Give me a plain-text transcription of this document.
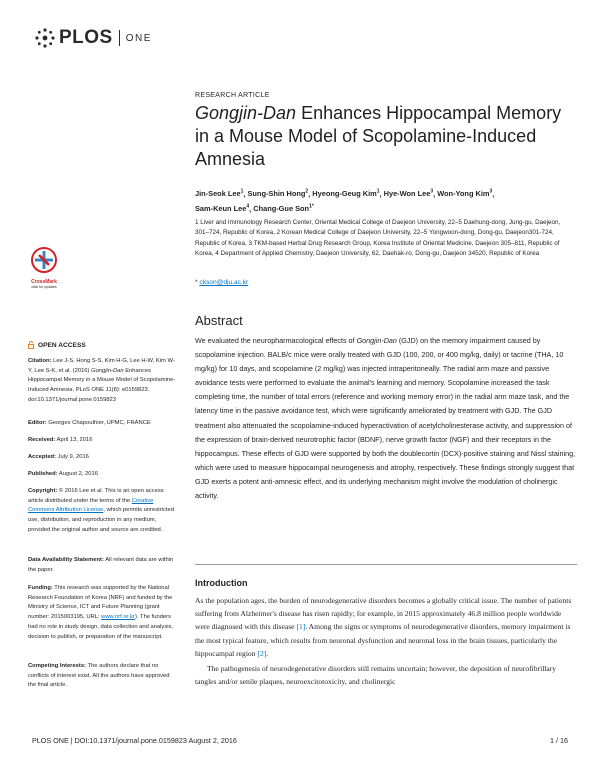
PLOS ONE
RESEARCH ARTICLE
Gongjin-Dan Enhances Hippocampal Memory in a Mouse Model of Scopolamine-Induced Amnesia
Jin-Seok Lee$^1$, Sung-Shin Hong$^2$, Hyeong-Geug Kim$^1$, Hye-Won Lee$^3$, Won-Yong Kim$^3$,
Sam-Keun Lee$^4$, Chang-Gue Son$^{1*}$
1 Liver and Immunology Research Center, Oriental Medical College of Daejeon University, 22–5 Daehung-dong, Jung-gu, Daejeon, 301–724, Republic of Korea, 2 Korean Medical College of Daejeon University, 22–5 Yongwoon-dong, Dong-gu, Daejeon301-724, Republic of Korea, 3 TKM-based Herbal Drug Research Group, Korea Institute of Oriental Medicine, Daejeon 305–811, Republic of Korea, 4 Department of Applied Chemistry, Daejeon University, 62, Daehak-ro, Dong-gu, Daejeon 34520, Republic of Korea
* ckson@dju.ac.kr
Abstract
We evaluated the neuropharmacological effects of Gongjin-Dan (GJD) on the memory impairment caused by scopolamine injection. BALB/c mice were orally treated with GJD (100, 200, or 400 mg/kg, daily) or tacrine (THA, 10 mg/kg) for 10 days, and scopolamine (2 mg/kg) was injected intraperitoneally. The radial arm maze and passive avoidance tests were performed to evaluate the animal's learning and memory. Scopolamine increased the task completing time, the number of total errors (reference and working memory error) in the radial arm maze task, and the latency time in the passive avoidance test, which were significantly ameliorated by treatment with GJD. The GJD treatment also attenuated the scopolamine-induced hyperactivation of acetylcholinesterase activity, and suppression of the expression of brain-derived neurotrophic factor (BDNF), nerve growth factor (NGF) and their receptors in the hippocampus. These effects of GJD were supported by both the doublecortin (DCX)-positive staining and Nissl staining, which were used to measure hippocampal neurogenesis and atrophy, respectively. These findings strongly suggest that GJD exerts a potent anti-amnesic effect, and its underlying mechanism might involve the modulation of cholinergic activity.
Introduction

As the population ages, the burden of neurodegenerative disorders becomes a globally critical issue. The number of patients suffering from Alzheimer's disease has risen rapidly; for example, in 2015 approximately 46.8 million people worldwide were diagnosed with this disease [1]. Among the signs or symptoms of neurodegenerative disorders, memory impairment is the most typical feature, which results from neuronal dysfunction and neuronal loss in the brain tissues, particularly the hippocampal region [2].

The pathogenesis of neurodegenerative disorders still remains uncertain; however, the deposition of neurofibrillary tangles and/or senile plaques, neuroexcitotoxicity, and cholinergic

CrossMark
click for updates
OPEN ACCESS
Citation: Lee J-S, Hong S-S, Kim H-G, Lee H-W, Kim W-Y, Lee S-K, et al. (2016) Gongjin-Dan Enhances Hippocampal Memory in a Mouse Model of Scopolamine-Induced Amnesia. PLoS ONE 11(8): e0159823. doi:10.1371/journal.pone.0159823
Editor: Georges Chapouthier, UPMC, FRANCE
Received: April 13, 2016
Accepted: July 9, 2016
Published: August 2, 2016
Copyright: © 2016 Lee et al. This is an open access article distributed under the terms of the Creative Commons Attribution License, which permits unrestricted use, distribution, and reproduction in any medium, provided the original author and source are credited.
Data Availability Statement: All relevant data are within the paper.
Funding: This research was supported by the National Research Foundation of Korea (NRF) and funded by the Ministry of Science, ICT and Future Planning (grant number: 2015003195, URL: www.nrf.re.kr). The funders had no role in study design, data collection and analysis, decision to publish, or preparation of the manuscript.
Competing Interests: The authors declare that no conflicts of interest exist. All the authors have approved the final article.
PLOS ONE | DOI:10.1371/journal.pone.0159823 August 2, 2016	1 / 16
